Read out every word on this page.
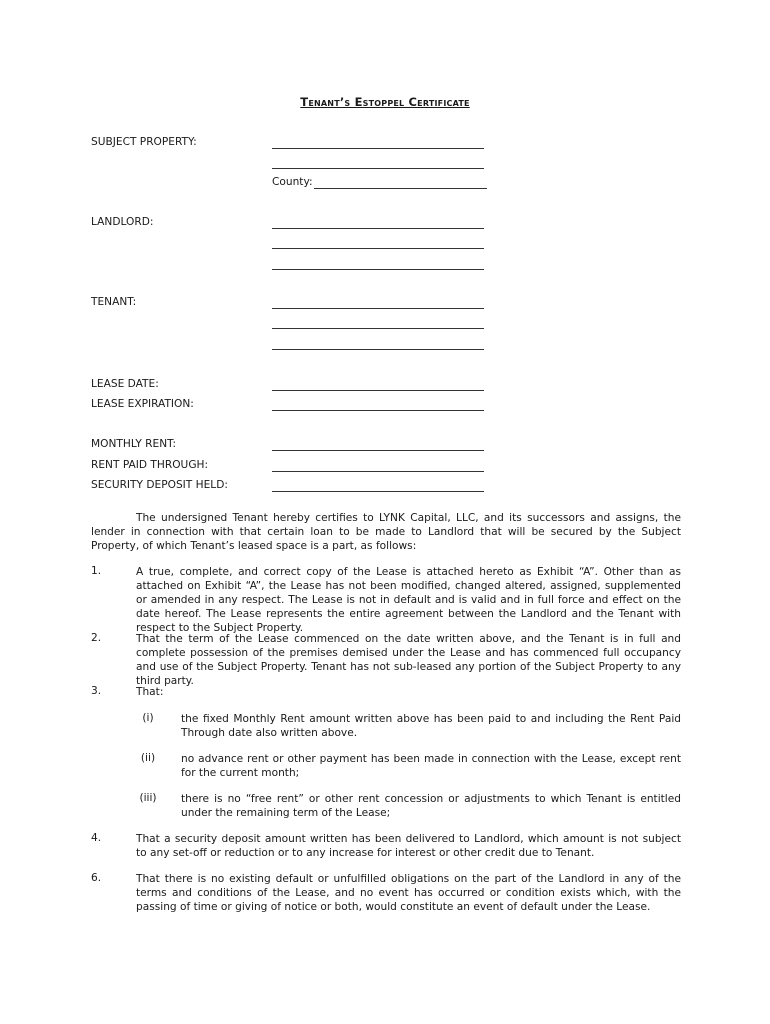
Tenant’s Estoppel Certificate
SUBJECT PROPERTY:
County:
LANDLORD:
TENANT:
LEASE DATE:
LEASE EXPIRATION:
MONTHLY RENT:
RENT PAID THROUGH:
SECURITY DEPOSIT HELD:
The undersigned Tenant hereby certifies to LYNK Capital, LLC, and its successors and assigns, the lender in connection with that certain loan to be made to Landlord that will be secured by the Subject Property, of which Tenant’s leased space is a part, as follows:
1.	A true, complete, and correct copy of the Lease is attached hereto as Exhibit “A”. Other than as attached on Exhibit “A”, the Lease has not been modified, changed altered, assigned, supplemented or amended in any respect. The Lease is not in default and is valid and in full force and effect on the date hereof. The Lease represents the entire agreement between the Landlord and the Tenant with respect to the Subject Property.
2.	That the term of the Lease commenced on the date written above, and the Tenant is in full and complete possession of the premises demised under the Lease and has commenced full occupancy and use of the Subject Property. Tenant has not sub-leased any portion of the Subject Property to any third party.
3.	That:
(i)	the fixed Monthly Rent amount written above has been paid to and including the Rent Paid Through date also written above.
(ii)	no advance rent or other payment has been made in connection with the Lease, except rent for the current month;
(iii)	there is no “free rent” or other rent concession or adjustments to which Tenant is entitled under the remaining term of the Lease;
4.	That a security deposit amount written has been delivered to Landlord, which amount is not subject to any set-off or reduction or to any increase for interest or other credit due to Tenant.
6.	That there is no existing default or unfulfilled obligations on the part of the Landlord in any of the terms and conditions of the Lease, and no event has occurred or condition exists which, with the passing of time or giving of notice or both, would constitute an event of default under the Lease.
